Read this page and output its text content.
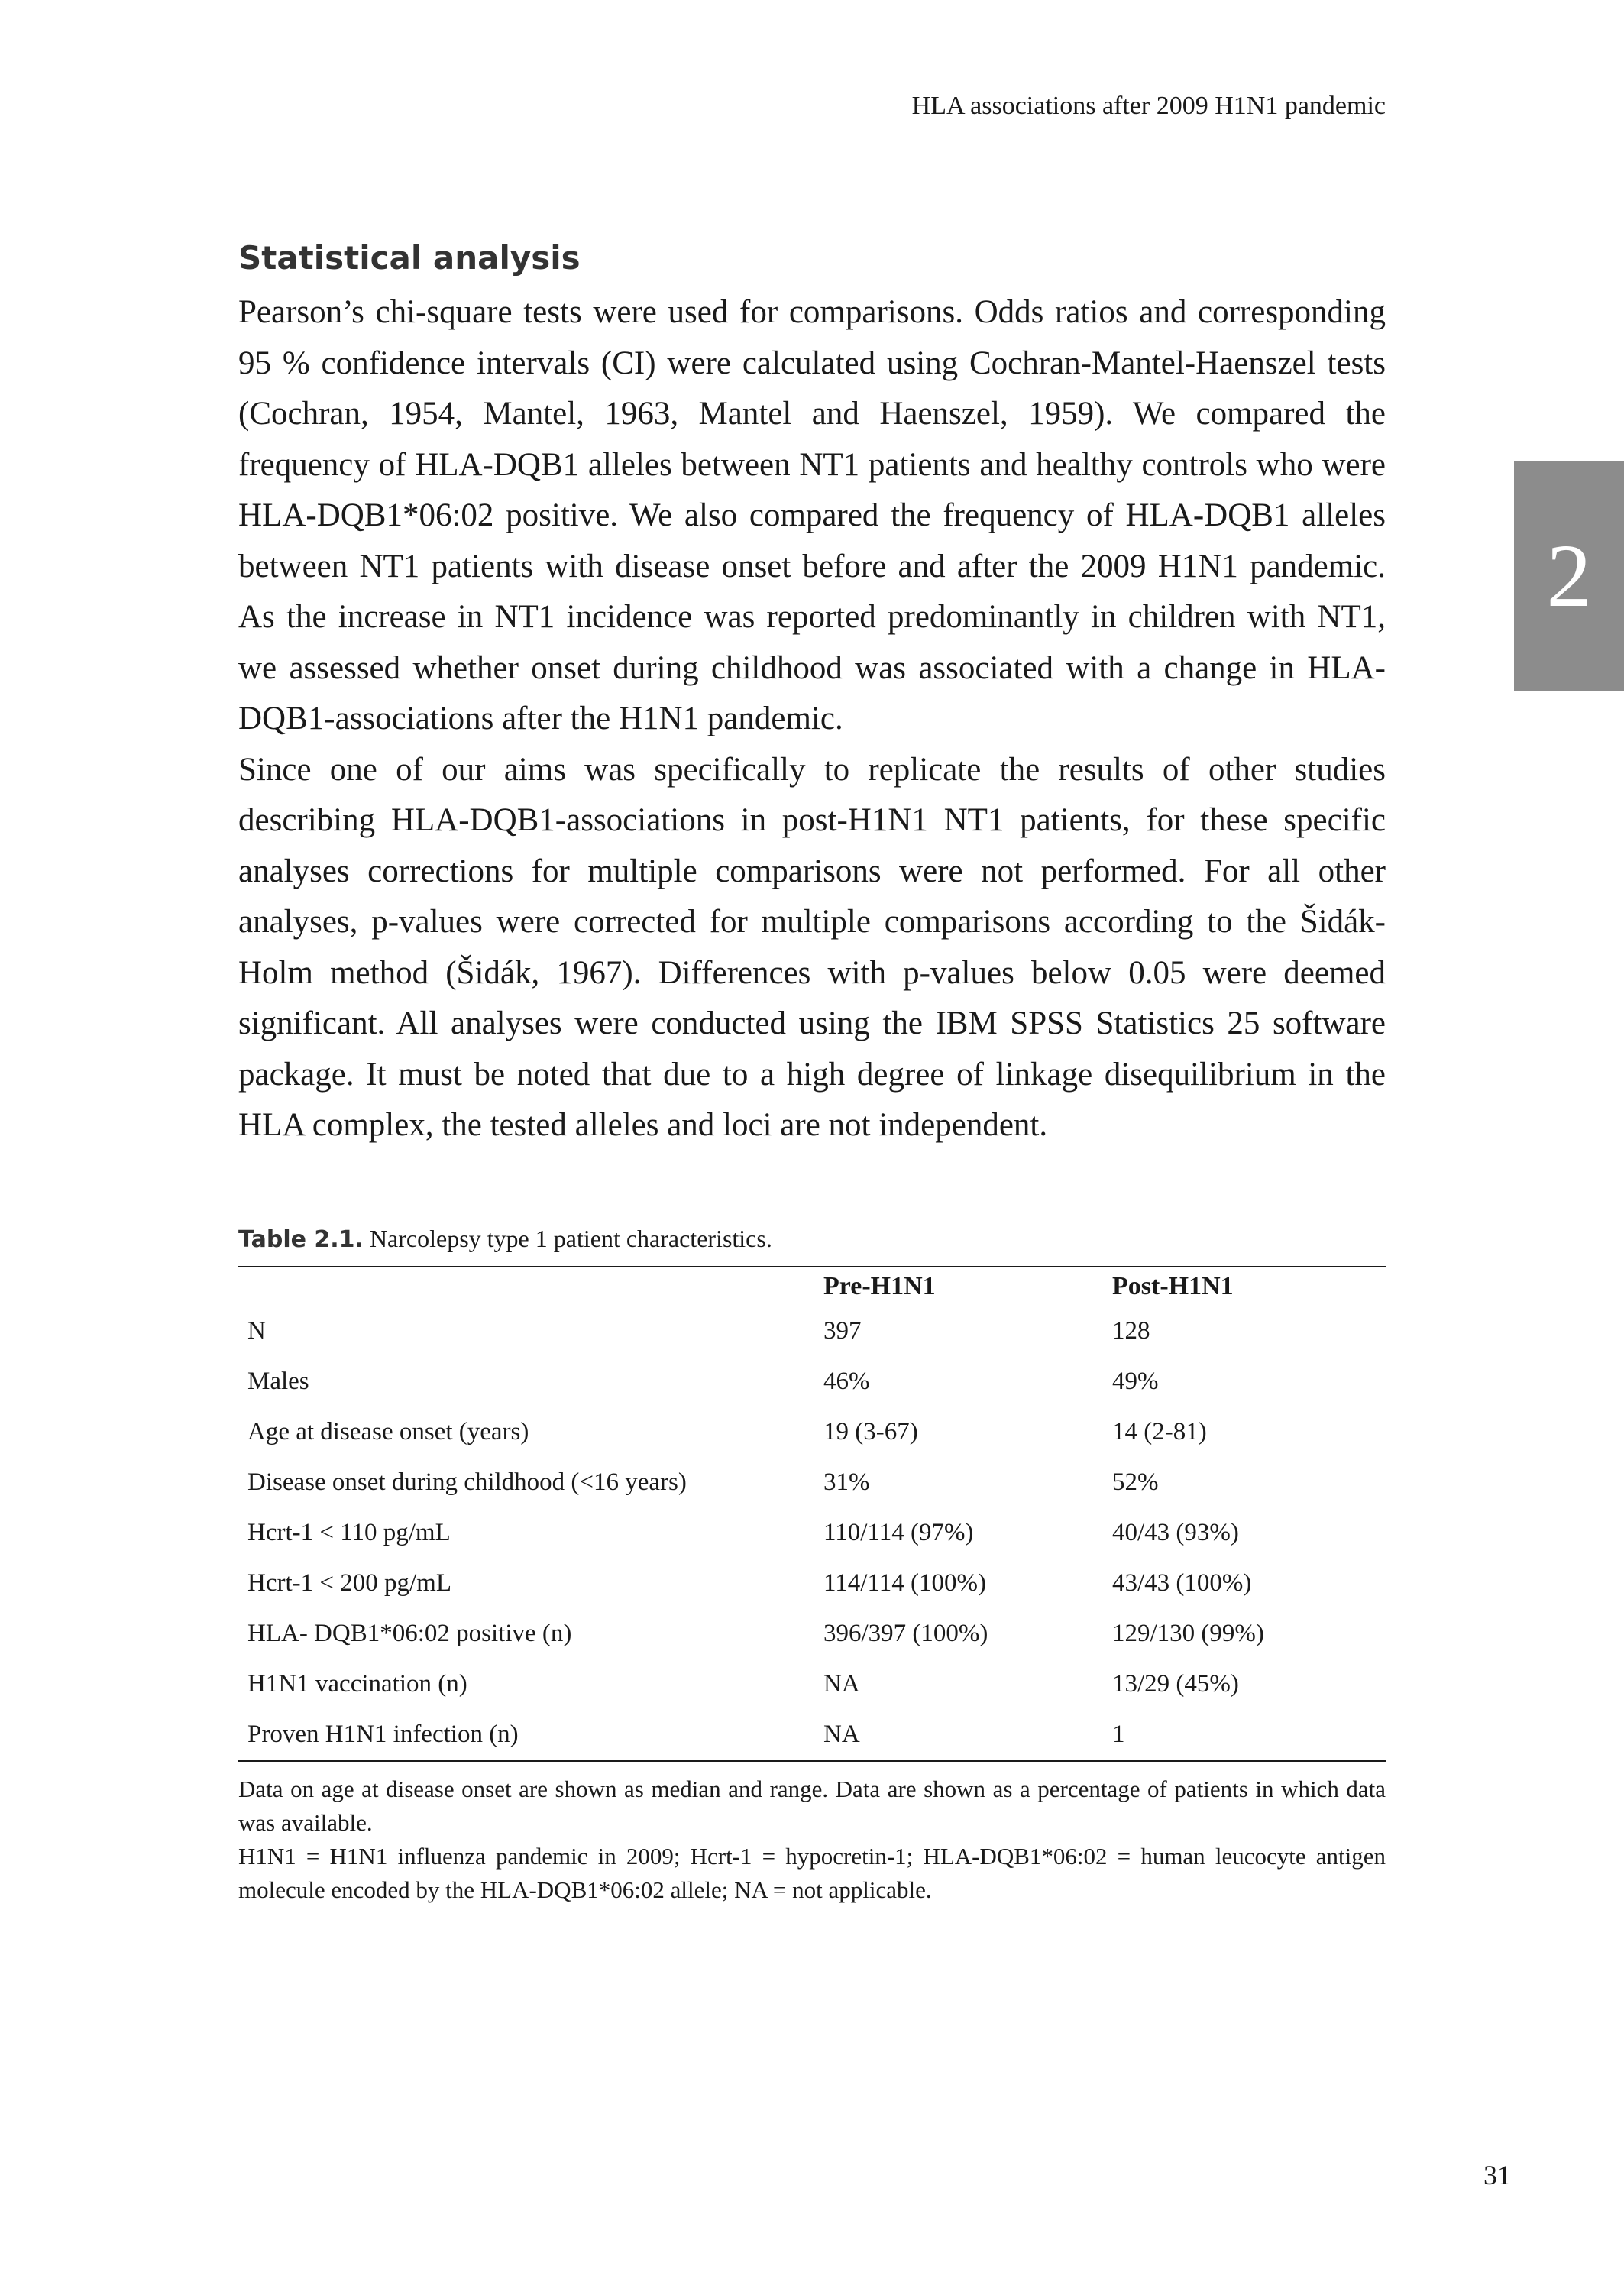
HLA associations after 2009 H1N1 pandemic
2
Statistical analysis

Pearson’s chi-square tests were used for comparisons. Odds ratios and corresponding 95 % confidence intervals (CI) were calculated using Cochran-Mantel-Haenszel tests (Cochran, 1954, Mantel, 1963, Mantel and Haenszel, 1959). We compared the frequency of HLA-DQB1 alleles between NT1 patients and healthy controls who were HLA-DQB1*06:02 positive. We also compared the frequency of HLA-DQB1 alleles between NT1 patients with disease onset before and after the 2009 H1N1 pandemic. As the increase in NT1 incidence was reported predominantly in children with NT1, we assessed whether onset during childhood was associated with a change in HLA-DQB1-associations after the H1N1 pandemic.

Since one of our aims was specifically to replicate the results of other studies describing HLA-DQB1-associations in post-H1N1 NT1 patients, for these specific analyses corrections for multiple comparisons were not performed. For all other analyses, p-values were corrected for multiple comparisons according to the Šidák-Holm method (Šidák, 1967). Differences with p-values below 0.05 were deemed significant. All analyses were conducted using the IBM SPSS Statistics 25 software package. It must be noted that due to a high degree of linkage disequilibrium in the HLA complex, the tested alleles and loci are not independent.

Table 2.1. Narcolepsy type 1 patient characteristics.
	Pre-H1N1	Post-H1N1
N	397	128
Males	46%	49%
Age at disease onset (years)	19 (3-67)	14 (2-81)
Disease onset during childhood (<16 years)	31%	52%
Hcrt-1 < 110 pg/mL	110/114 (97%)	40/43 (93%)
Hcrt-1 < 200 pg/mL	114/114 (100%)	43/43 (100%)
HLA- DQB1*06:02 positive (n)	396/397 (100%)	129/130 (99%)
H1N1 vaccination (n)	NA	13/29 (45%)
Proven H1N1 infection (n)	NA	1

Data on age at disease onset are shown as median and range. Data are shown as a percentage of patients in which data was available.

H1N1 = H1N1 influenza pandemic in 2009; Hcrt-1 = hypocretin-1; HLA-DQB1*06:02 = human leucocyte antigen molecule encoded by the HLA-DQB1*06:02 allele; NA = not applicable.

31
